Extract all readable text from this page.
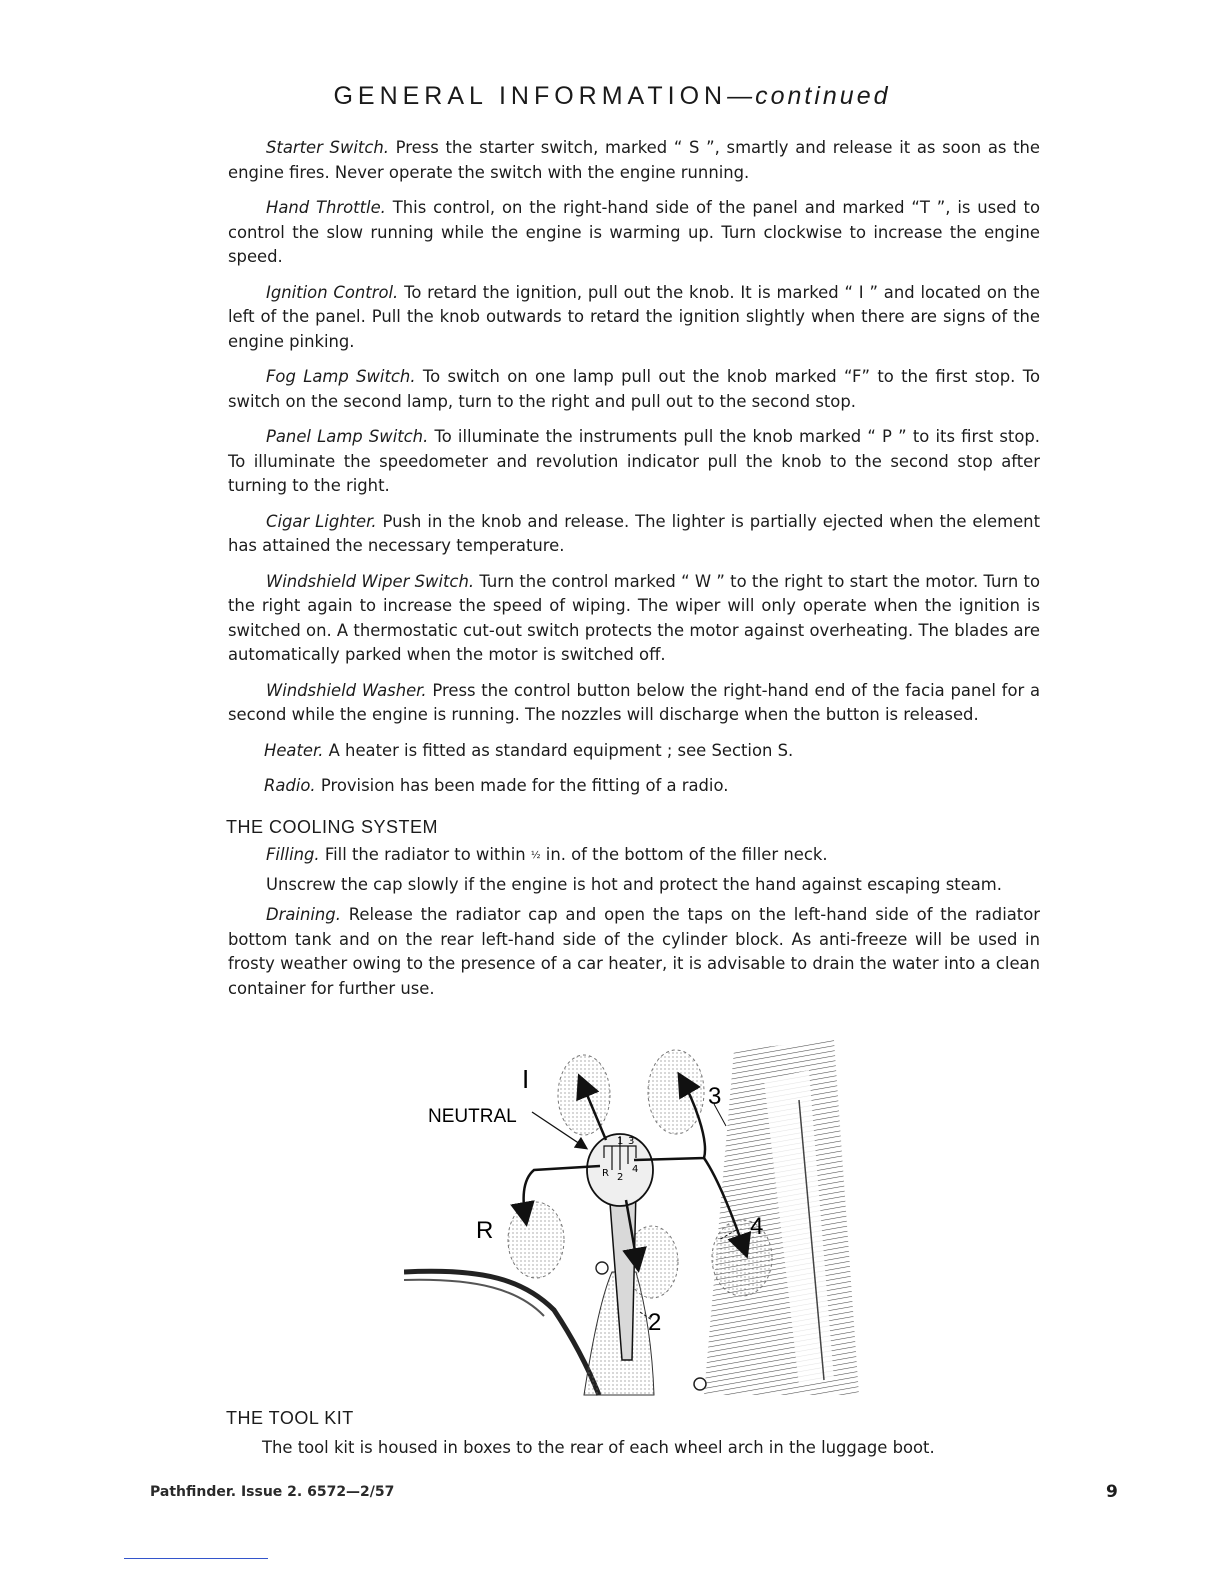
GENERAL INFORMATION—continued

Starter Switch. Press the starter switch, marked “ S ”, smartly and release it as soon as the engine fires. Never operate the switch with the engine running.

Hand Throttle. This control, on the right-hand side of the panel and marked “T ”, is used to control the slow running while the engine is warming up. Turn clockwise to increase the engine speed.

Ignition Control. To retard the ignition, pull out the knob. It is marked “ I ” and located on the left of the panel. Pull the knob outwards to retard the ignition slightly when there are signs of the engine pinking.

Fog Lamp Switch. To switch on one lamp pull out the knob marked “F” to the first stop. To switch on the second lamp, turn to the right and pull out to the second stop.

Panel Lamp Switch. To illuminate the instruments pull the knob marked “ P ” to its first stop. To illuminate the speedometer and revolution indicator pull the knob to the second stop after turning to the right.

Cigar Lighter. Push in the knob and release. The lighter is partially ejected when the element has attained the necessary temperature.

Windshield Wiper Switch. Turn the control marked “ W ” to the right to start the motor. Turn to the right again to increase the speed of wiping. The wiper will only operate when the ignition is switched on. A thermostatic cut-out switch protects the motor against overheating. The blades are automatically parked when the motor is switched off.

Windshield Washer. Press the control button below the right-hand end of the facia panel for a second while the engine is running. The nozzles will discharge when the button is released.

Heater. A heater is fitted as standard equipment ; see Section S.

Radio. Provision has been made for the fitting of a radio.

THE COOLING SYSTEM

Filling. Fill the radiator to within ½ in. of the bottom of the filler neck.

Unscrew the cap slowly if the engine is hot and protect the hand against escaping steam.

Draining. Release the radiator cap and open the taps on the left-hand side of the radiator bottom tank and on the rear left-hand side of the cylinder block. As anti-freeze will be used in frosty weather owing to the presence of a car heater, it is advisable to drain the water into a clean container for further use.

R
1
2
3
4
I
NEUTRAL
3
R	4
2
THE TOOL KIT
The tool kit is housed in boxes to the rear of each wheel arch in the luggage boot.
Pathfinder. Issue 2. 6572—2/57	9
